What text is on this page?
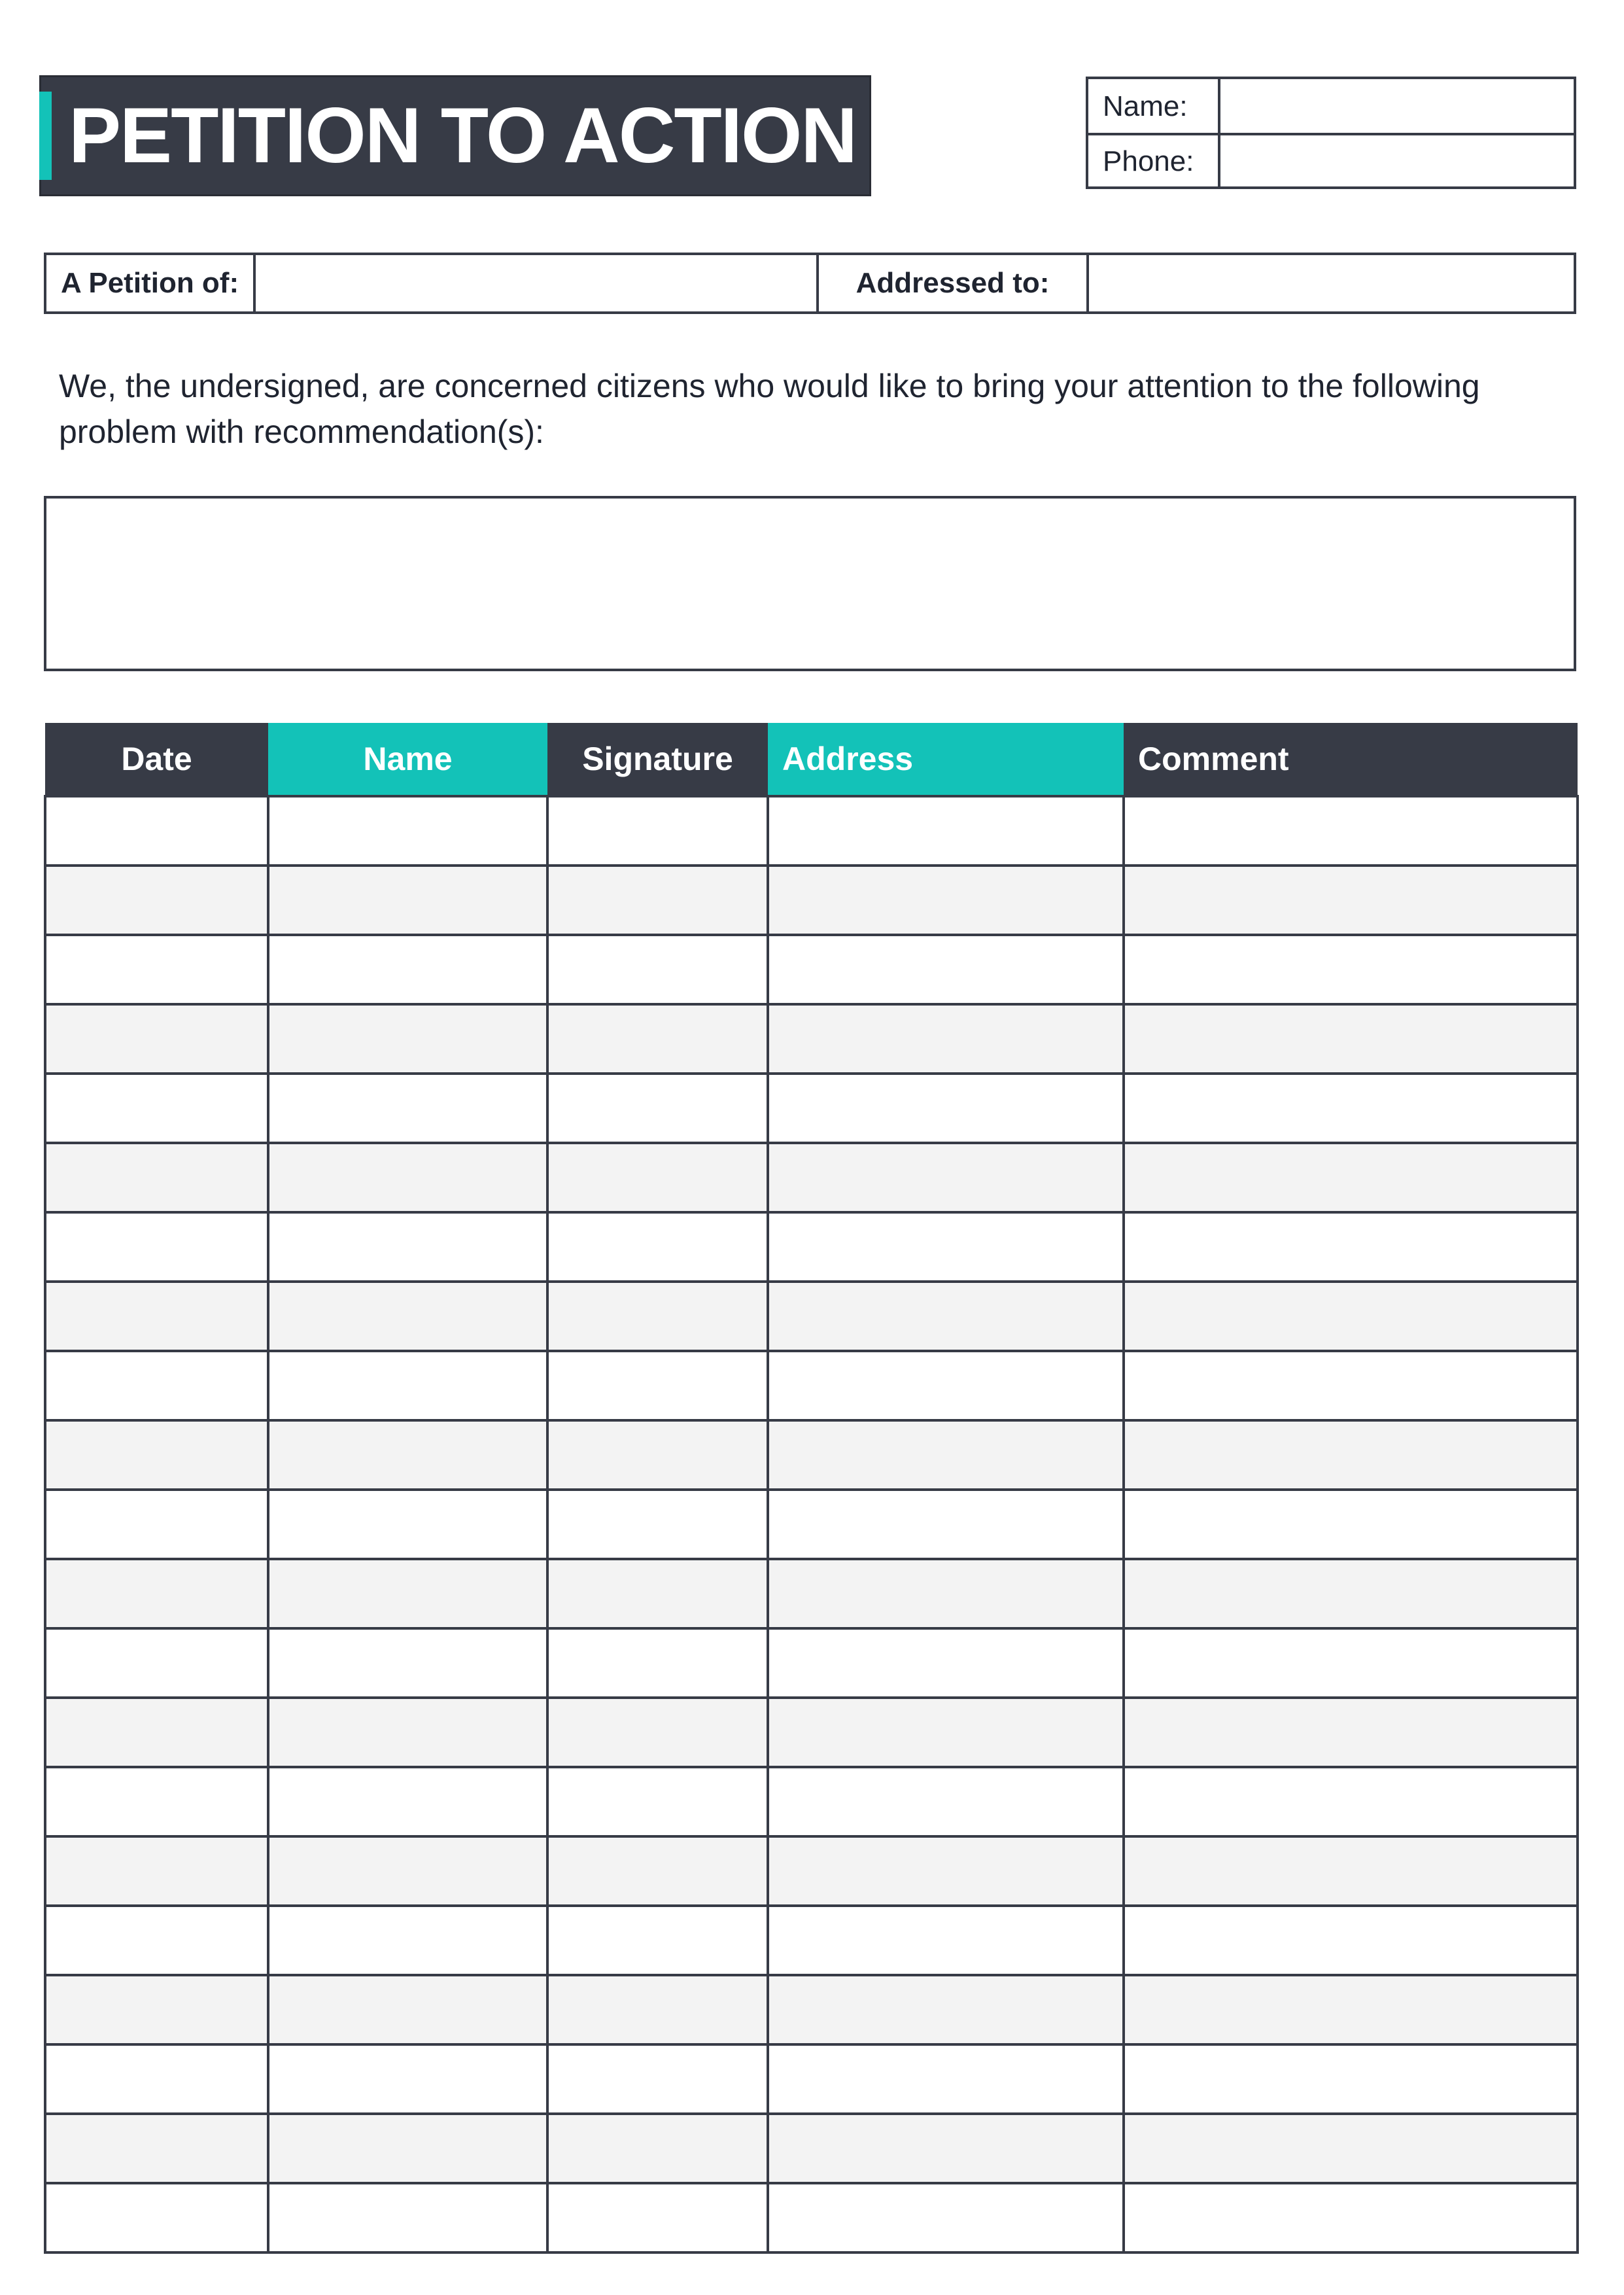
PETITION TO ACTION	Name:
Phone:
A Petition of:	Addressed to:
We, the undersigned, are concerned citizens who would like to bring your attention to the following problem with recommendation(s):
Date	Name	Signature	Address	Comment
